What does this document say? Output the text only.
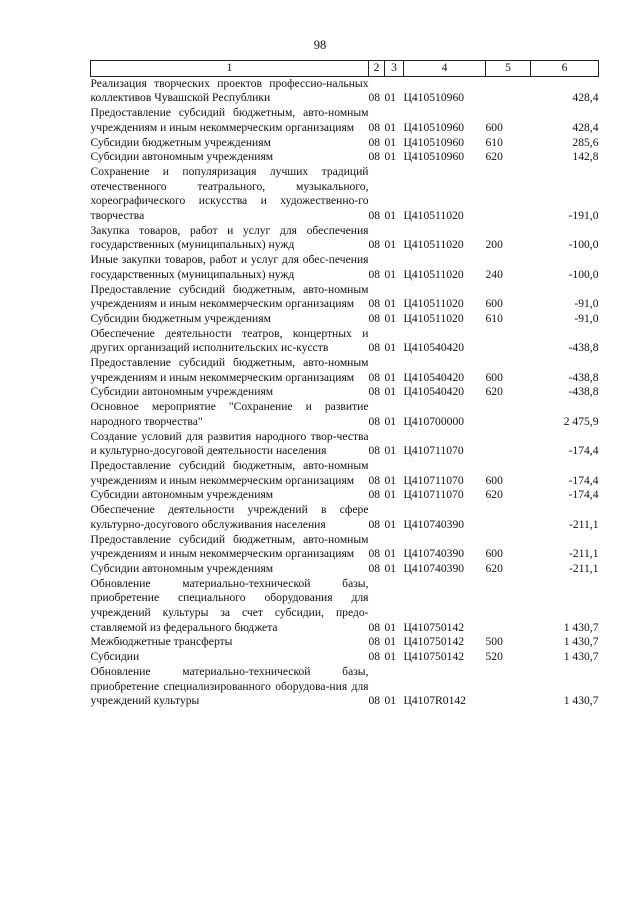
98
1	2	3	4	5	6
Реализация творческих проектов профессио-нальных коллективов Чувашской Республики	08	01	Ц410510960		428,4
Предоставление субсидий бюджетным, авто-номным учреждениям и иным некоммерческим организациям	08	01	Ц410510960	600	428,4
Субсидии бюджетным учреждениям	08	01	Ц410510960	610	285,6
Субсидии автономным учреждениям	08	01	Ц410510960	620	142,8
Сохранение и популяризация лучших традиций отечественного театрального, музыкального, хореографического искусства и художественно-го творчества	08	01	Ц410511020		-191,0
Закупка товаров, работ и услуг для обеспечения государственных (муниципальных) нужд	08	01	Ц410511020	200	-100,0
Иные закупки товаров, работ и услуг для обес-печения государственных (муниципальных) нужд	08	01	Ц410511020	240	-100,0
Предоставление субсидий бюджетным, авто-номным учреждениям и иным некоммерческим организациям	08	01	Ц410511020	600	-91,0
Субсидии бюджетным учреждениям	08	01	Ц410511020	610	-91,0
Обеспечение деятельности театров, концертных и других организаций исполнительских ис-кусств	08	01	Ц410540420		-438,8
Предоставление субсидий бюджетным, авто-номным учреждениям и иным некоммерческим организациям	08	01	Ц410540420	600	-438,8
Субсидии автономным учреждениям	08	01	Ц410540420	620	-438,8
Основное мероприятие "Сохранение и развитие народного творчества"	08	01	Ц410700000		2 475,9
Создание условий для развития народного твор-чества и культурно-досуговой деятельности населения	08	01	Ц410711070		-174,4
Предоставление субсидий бюджетным, авто-номным учреждениям и иным некоммерческим организациям	08	01	Ц410711070	600	-174,4
Субсидии автономным учреждениям	08	01	Ц410711070	620	-174,4
Обеспечение деятельности учреждений в сфере культурно-досугового обслуживания населения	08	01	Ц410740390		-211,1
Предоставление субсидий бюджетным, авто-номным учреждениям и иным некоммерческим организациям	08	01	Ц410740390	600	-211,1
Субсидии автономным учреждениям	08	01	Ц410740390	620	-211,1
Обновление материально-технической базы, приобретение специального оборудования для учреждений культуры за счет субсидии, предо-ставляемой из федерального бюджета	08	01	Ц410750142		1 430,7
Межбюджетные трансферты	08	01	Ц410750142	500	1 430,7
Субсидии	08	01	Ц410750142	520	1 430,7
Обновление материально-технической базы, приобретение специализированного оборудова-ния для учреждений культуры	08	01	Ц4107R0142		1 430,7
